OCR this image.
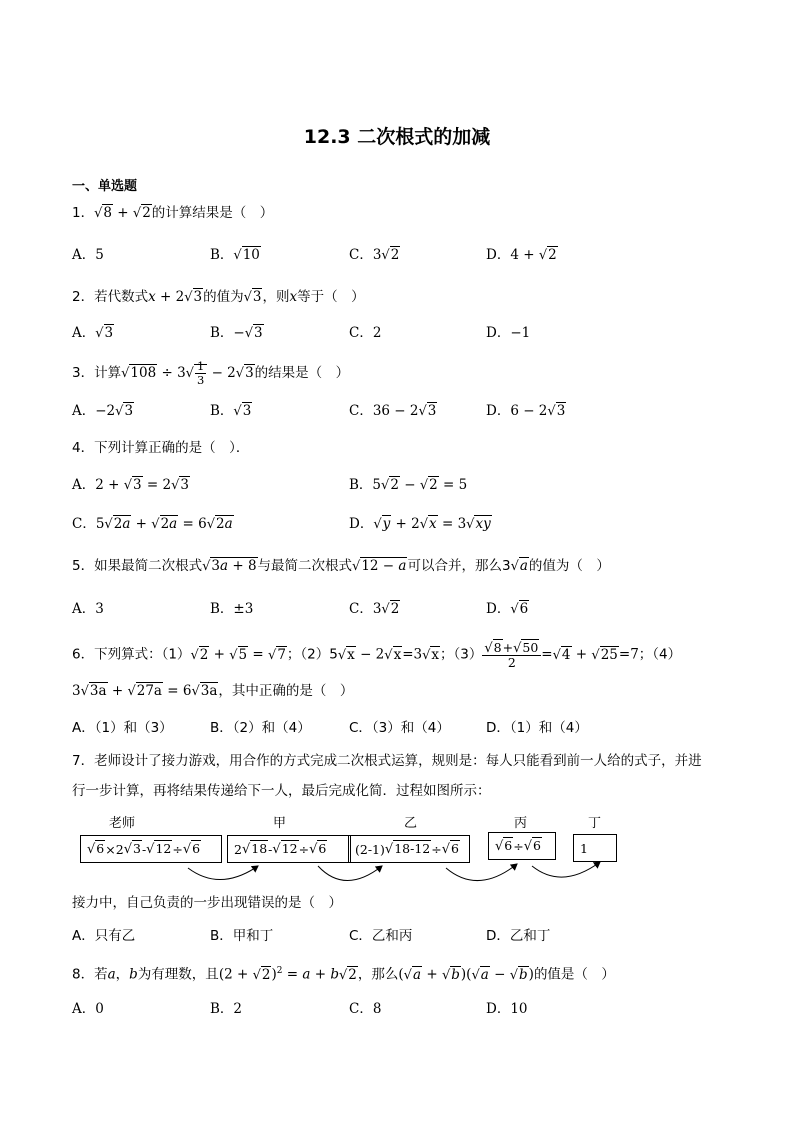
12.3 二次根式的加减
一、单选题
1．√8 + √2的计算结果是（　）
A．5	B．√10	C．3√2	D．4 + √2
2．若代数式x + 2√3的值为√3，则x等于（　）
A．√3	B．−√3	C．2	D．−1
3．计算$√108 \div 3√ \frac{1}{3} - 2√3$的结果是（　）
A．−2√3	B．√3	C．36 − 2√3	D．6 − 2√3
4．下列计算正确的是（　）．
A．2 + √3 = 2√3	B．5√2 − √2 = 5
C．5√2a + √2a = 6√2a	D．√y + 2√x = 3√xy
5．如果最简二次根式√3a + 8与最简二次根式√12 − a可以合并，那么3√a的值为（　）
A．3	B．±3	C．3√2	D．√6
6．下列算式：（1）√2 + √5 = √7；（2）5√x − 2√x=3√x；$(3) \frac{√8+√50}{2} =√4 + √25=7$；（4）
3√3a + √27a = 6√3a，其中正确的是（　）
A．（1）和（3）	B．（2）和（4）	C．（3）和（4）	D．（1）和（4）
7．老师设计了接力游戏，用合作的方式完成二次根式运算，规则是：每人只能看到前一人给的式子，并进
行一步计算，再将结果传递给下一人，最后完成化简．过程如图所示：
老师	甲	乙	丙	丁
√6 ×2 √3 - √12 ÷ √6	2 √18 - √12 ÷ √6	(2-1) √18-12 ÷ √6	√6 ÷ √6	1
接力中，自己负责的一步出现错误的是（　）
A．只有乙	B．甲和丁	C．乙和丙	D．乙和丁
8．若a，b为有理数，且$(2 + √2)^2 = a + b√2$，那么(√a + √b)(√a − √b)的值是（　）
A．0	B．2	C．8	D．10
